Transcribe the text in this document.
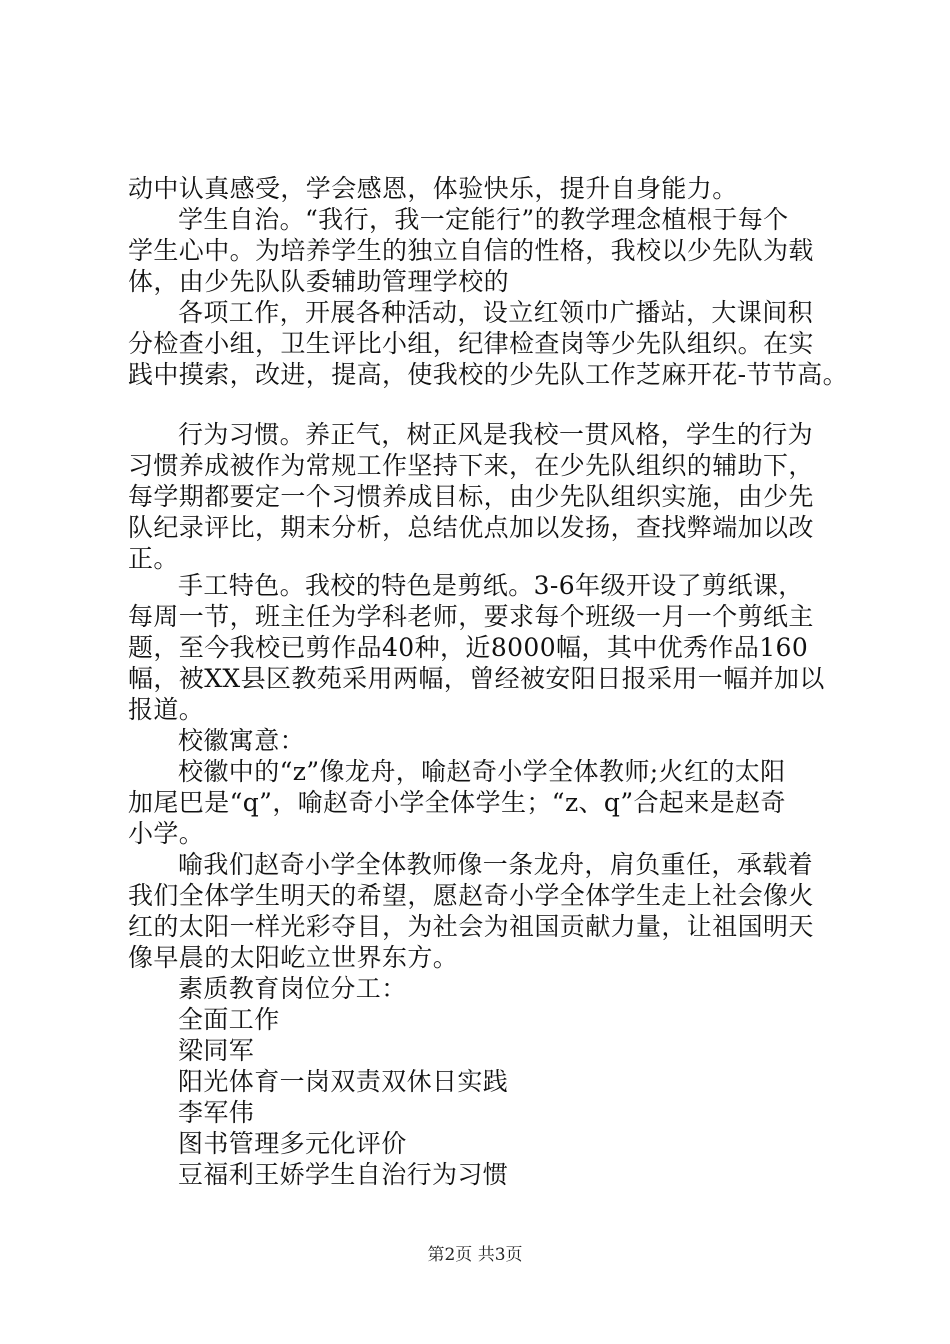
动中认真感受，学会感恩，体验快乐，提升自身能力。
学生自治。“我行，我一定能行”的教学理念植根于每个
学生心中。为培养学生的独立自信的性格，我校以少先队为载
体，由少先队队委辅助管理学校的
各项工作，开展各种活动，设立红领巾广播站，大课间积
分检查小组，卫生评比小组，纪律检查岗等少先队组织。在实
践中摸索，改进，提高，使我校的少先队工作芝麻开花-节节高。
行为习惯。养正气，树正风是我校一贯风格，学生的行为
习惯养成被作为常规工作坚持下来，在少先队组织的辅助下，
每学期都要定一个习惯养成目标，由少先队组织实施，由少先
队纪录评比，期末分析，总结优点加以发扬，查找弊端加以改
正。
手工特色。我校的特色是剪纸。3-6年级开设了剪纸课，
每周一节，班主任为学科老师，要求每个班级一月一个剪纸主
题，至今我校已剪作品40种，近8000幅，其中优秀作品160
幅，被XX县区教苑采用两幅，曾经被安阳日报采用一幅并加以
报道。
校徽寓意：
校徽中的“z”像龙舟，喻赵奇小学全体教师;火红的太阳
加尾巴是“q”，喻赵奇小学全体学生；“z、q”合起来是赵奇
小学。
喻我们赵奇小学全体教师像一条龙舟，肩负重任，承载着
我们全体学生明天的希望，愿赵奇小学全体学生走上社会像火
红的太阳一样光彩夺目，为社会为祖国贡献力量，让祖国明天
像早晨的太阳屹立世界东方。
素质教育岗位分工：
全面工作
梁同军
阳光体育一岗双责双休日实践
李军伟
图书管理多元化评价
豆福利王娇学生自治行为习惯
第2页 共3页
